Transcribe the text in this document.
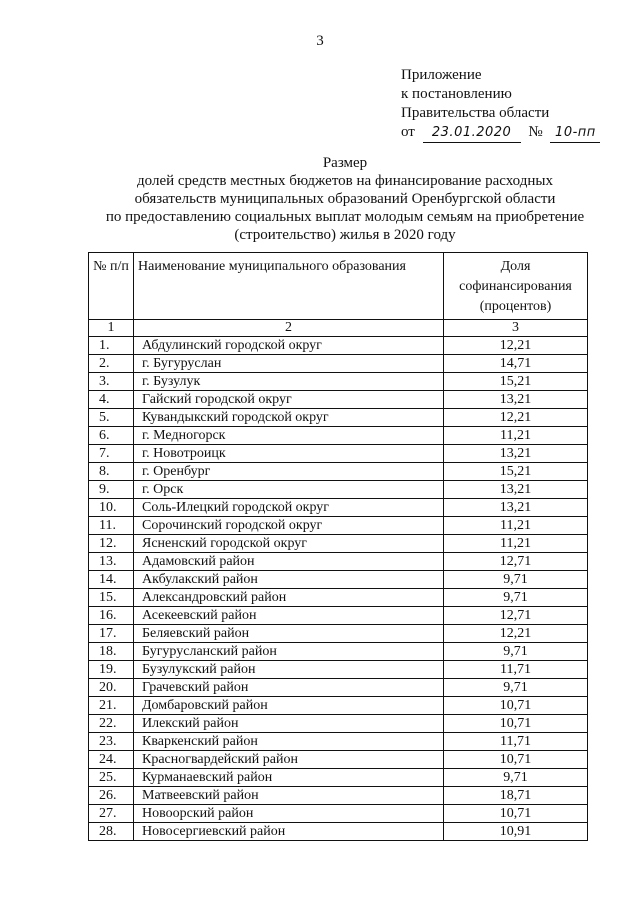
3
Приложение
к постановлению
Правительства области
от 23.01.2020 № 10-пп
Размер
долей средств местных бюджетов на финансирование расходных
обязательств муниципальных образований Оренбургской области
по предоставлению социальных выплат молодым семьям на приобретение
(строительство) жилья в 2020 году
№ п/п	Наименование муниципального образования	Доля софинансирования (процентов)
1	2	3
1.	Абдулинский городской округ	12,21
2.	г. Бугуруслан	14,71
3.	г. Бузулук	15,21
4.	Гайский городской округ	13,21
5.	Кувандыкский городской округ	12,21
6.	г. Медногорск	11,21
7.	г. Новотроицк	13,21
8.	г. Оренбург	15,21
9.	г. Орск	13,21
10.	Соль-Илецкий городской округ	13,21
11.	Сорочинский городской округ	11,21
12.	Ясненский городской округ	11,21
13.	Адамовский район	12,71
14.	Акбулакский район	9,71
15.	Александровский район	9,71
16.	Асекеевский район	12,71
17.	Беляевский район	12,21
18.	Бугурусланский район	9,71
19.	Бузулукский район	11,71
20.	Грачевский район	9,71
21.	Домбаровский район	10,71
22.	Илекский район	10,71
23.	Кваркенский район	11,71
24.	Красногвардейский район	10,71
25.	Курманаевский район	9,71
26.	Матвеевский район	18,71
27.	Новоорский район	10,71
28.	Новосергиевский район	10,91
